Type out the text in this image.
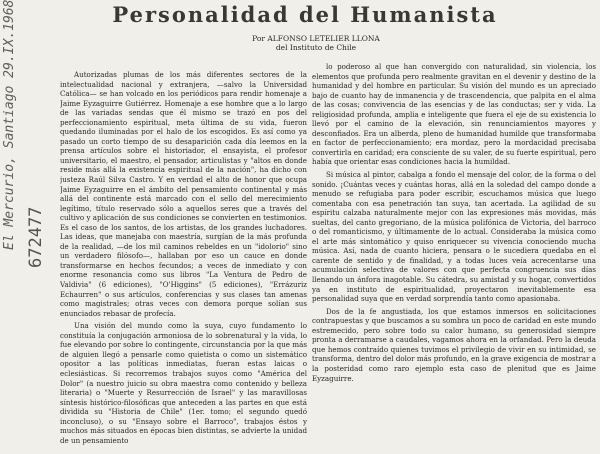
Personalidad del Humanista
Por ALFONSO LETELIER LLONA
del Instituto de Chile
El Mercurio, Santiago 29.IX.1968 672477

Autorizadas plumas de los más diferentes sectores de la intelectualidad nacional y extranjera, —salvo la Universidad Católica— se han volcado en los periódicos para rendir homenaje a Jaime Eyzaguirre Gutiérrez. Homenaje a ese hombre que a lo largo de las variadas sendas que él mismo se trazó en pos del perfeccionamiento espiritual, meta última de su vida, fueron quedando iluminadas por el halo de los escogidos. Es así como ya pasado un corto tiempo de su desaparición cada día leemos en la prensa artículos sobre el historiador, el ensayista, el profesor universitario, el maestro, el pensador, articulistas y "altos en donde reside más allá la existencia espiritual de la nación", ha dicho con justeza Raúl Silva Castro. Y en verdad el alto de honor que ocupa Jaime Eyzaguirre en el ámbito del pensamiento continental y más allá del continente está marcado con el sello del merecimiento legítimo, título reservado sólo a aquellos seres que a través del cultivo y aplicación de sus condiciones se convierten en testimonios. Es el caso de los santos, de los artistas, de los grandes luchadores. Las ideas, que manejaba con maestría, surgían de la más profunda de la realidad, —de los mil caminos rebeldes en un "idolorio" sino un verdadero filósofo—, hallaban por eso un cauce en donde transformarse en hechos fecundos; a veces de inmediato y con enorme resonancia como sus libros "La Ventura de Pedro de Valdivia" (6 ediciones), "O'Higgins" (5 ediciones), "Errázuriz Echaurren" o sus artículos, conferencias y sus clases tan amenas como magistrales; otras veces con demora porque solían sus enunciados rebasar de profecía.

Una visión del mundo como la suya, cuyo fundamento lo constituía la conjugación armoniosa de lo sobrenatural y la vida, lo fue elevando por sobre lo contingente, circunstancia por la que más de alguien llegó a pensarle como quietista o como un sistemático opositor a las políticas inmediatas, fueran estas laicas o eclesiásticas. Si recorremos trabajos suyos como "América del Dolor" (a nuestro juicio su obra maestra como contenido y belleza literaria) o "Muerte y Resurrección de Israel" y las maravillosas síntesis histórico-filosóficas que anteceden a las partes en que está dividida su "Historia de Chile" (1er. tomo; el segundo quedó inconcluso), o su "Ensayo sobre el Barroco", trabajos éstos y muchos más situados en épocas bien distintas, se advierte la unidad de un pensamiento

lo poderoso al que han convergido con naturalidad, sin violencia, los elementos que profunda pero realmente gravitan en el devenir y destino de la humanidad y del hombre en particular. Su visión del mundo es un apreciado bajo de cuanto hay de inmanencia y de trascendencia, que palpita en el alma de las cosas; convivencia de las esencias y de las conductas; ser y vida. La religiosidad profunda, amplia e inteligente que fuera el eje de su existencia lo llevó por el camino de la elevación, sin renunciamientos mayores y desconfiados. Era un alberda, pleno de humanidad humilde que transformaba en factor de perfeccionamiento; era mordaz, pero la mordacidad precisaba convertirla en caridad; era consciente de su valer, de su fuerte espiritual, pero había que orientar esas condiciones hacia la humildad.

Si música al pintor, cabalga a fondo el mensaje del color, de la forma o del sonido. ¡Cuántas veces y cuántas horas, allá en la soledad del campo donde a menudo se refugiaba para poder escribir, escuchamos música que luego comentaba con esa penetración tan suya, tan acertada. La agilidad de su espíritu calzaba naturalmente mejor con las expresiones más movidas, más sueltas, del canto gregoriano, de la música polifónica de Victoria, del barroco o del romanticismo, y últimamente de lo actual. Consideraba la música como el arte más sintomático y quiso enriquecer su vivencia conociendo mucha música. Así, nada de cuanto hiciera, pensara o le sucediera quedaba en el carente de sentido y de finalidad, y a todas luces veía acrecentarse una acumulación selectiva de valores con que perfecta congruencia sus días llenando un ánfora inagotable. Su cátedra, su amistad y su hogar, convertidos ya en instituto de espiritualidad, proyectaron inevitablemente esa personalidad suya que en verdad sorprendía tanto como apasionaba.

Dos de la fe angustiada, los que estamos inmersos en solicitaciones contrapuestas y que buscamos a su sombra un poco de caridad en este mundo estremecido, pero sobre todo su calor humano, su generosidad siempre pronta a derramarse a caudales, vagamos ahora en la orfandad. Pero la deuda que hemos contraído quienes tuvimos el privilegio de vivir en su intimidad, se transforma, dentro del dolor más profundo, en la grave exigencia de mostrar a la posteridad como raro ejemplo esta caso de plenitud que es Jaime Eyzaguirre.
